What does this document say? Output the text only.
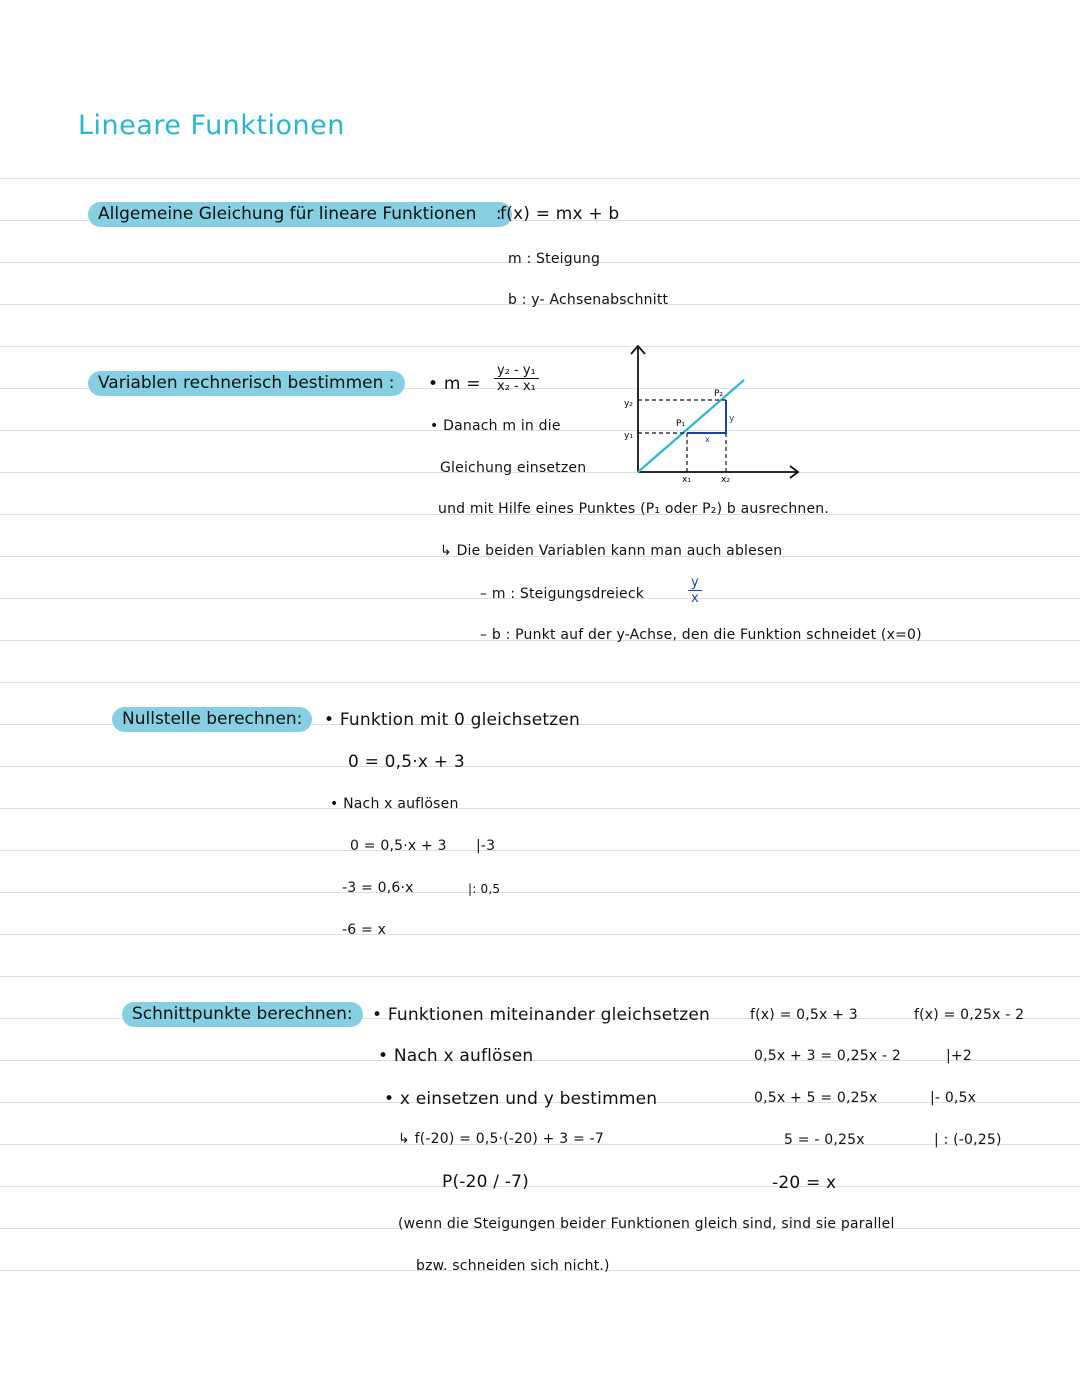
Lineare Funktionen
Allgemeine Gleichung für lineare Funktionen :
f(x) = mx + b
m : Steigung
b : y- Achsenabschnitt
Variablen rechnerisch bestimmen :	• $m = \frac{\text{y₂ - y₁}}{\text{x₂ - x₁}}$
• Danach m in die
Gleichung einsetzen
und mit Hilfe eines Punktes (P₁ oder P₂) b ausrechnen.
↳ Die beiden Variablen kann man auch ablesen
– m : Steigungsdreieck	$\frac{y}{x}$
– b : Punkt auf der y-Achse, den die Funktion schneidet (x=0)
y₂
y₁
x₁	x₂
P₁
P₂
y
x
Nullstelle berechnen:	• Funktion mit 0 gleichsetzen
0 = 0,5·x + 3
• Nach x auflösen
0 = 0,5·x + 3 |-3
-3 = 0,6·x	|: 0,5
-6 = x
Schnittpunkte berechnen:	• Funktionen miteinander gleichsetzen
• Nach x auflösen
• x einsetzen und y bestimmen
↳ f(-20) = 0,5·(-20) + 3 = -7
P(-20 / -7)
f(x) = 0,5x + 3	f(x) = 0,25x - 2
0,5x + 3 = 0,25x - 2	|+2
0,5x + 5 = 0,25x	|- 0,5x
5 = - 0,25x	| : (-0,25)
-20 = x
(wenn die Steigungen beider Funktionen gleich sind, sind sie parallel
bzw. schneiden sich nicht.)
